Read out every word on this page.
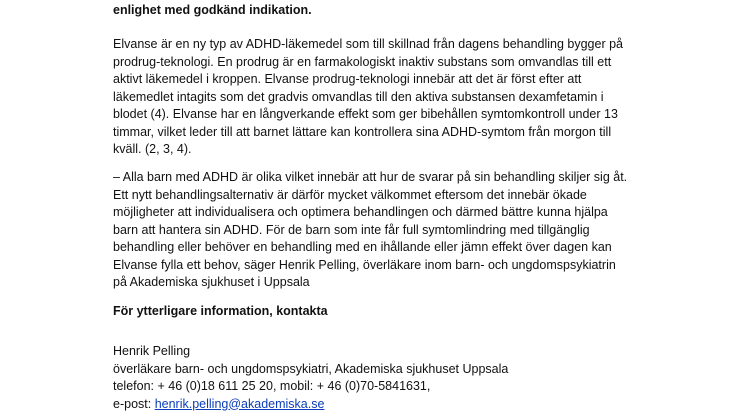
enlighet med godkänd indikation.

Elvanse är en ny typ av ADHD-läkemedel som till skillnad från dagens behandling bygger på

prodrug-teknologi. En prodrug är en farmakologiskt inaktiv substans som omvandlas till ett

aktivt läkemedel i kroppen. Elvanse prodrug-teknologi innebär att det är först efter att

läkemedlet intagits som det gradvis omvandlas till den aktiva substansen dexamfetamin i

blodet (4). Elvanse har en långverkande effekt som ger bibehållen symtomkontroll under 13

timmar, vilket leder till att barnet lättare kan kontrollera sina ADHD-symtom från morgon till

kväll. (2, 3, 4).

– Alla barn med ADHD är olika vilket innebär att hur de svarar på sin behandling skiljer sig åt.

Ett nytt behandlingsalternativ är därför mycket välkommet eftersom det innebär ökade

möjligheter att individualisera och optimera behandlingen och därmed bättre kunna hjälpa

barn att hantera sin ADHD. För de barn som inte får full symtomlindring med tillgänglig

behandling eller behöver en behandling med en ihållande eller jämn effekt över dagen kan

Elvanse fylla ett behov, säger Henrik Pelling, överläkare inom barn- och ungdomspsykiatrin

på Akademiska sjukhuset i Uppsala

För ytterligare information, kontakta

Henrik Pelling

överläkare barn- och ungdomspsykiatri, Akademiska sjukhuset Uppsala

telefon: + 46 (0)18 611 25 20, mobil: + 46 (0)70-5841631,

e-post: henrik.pelling@akademiska.se
